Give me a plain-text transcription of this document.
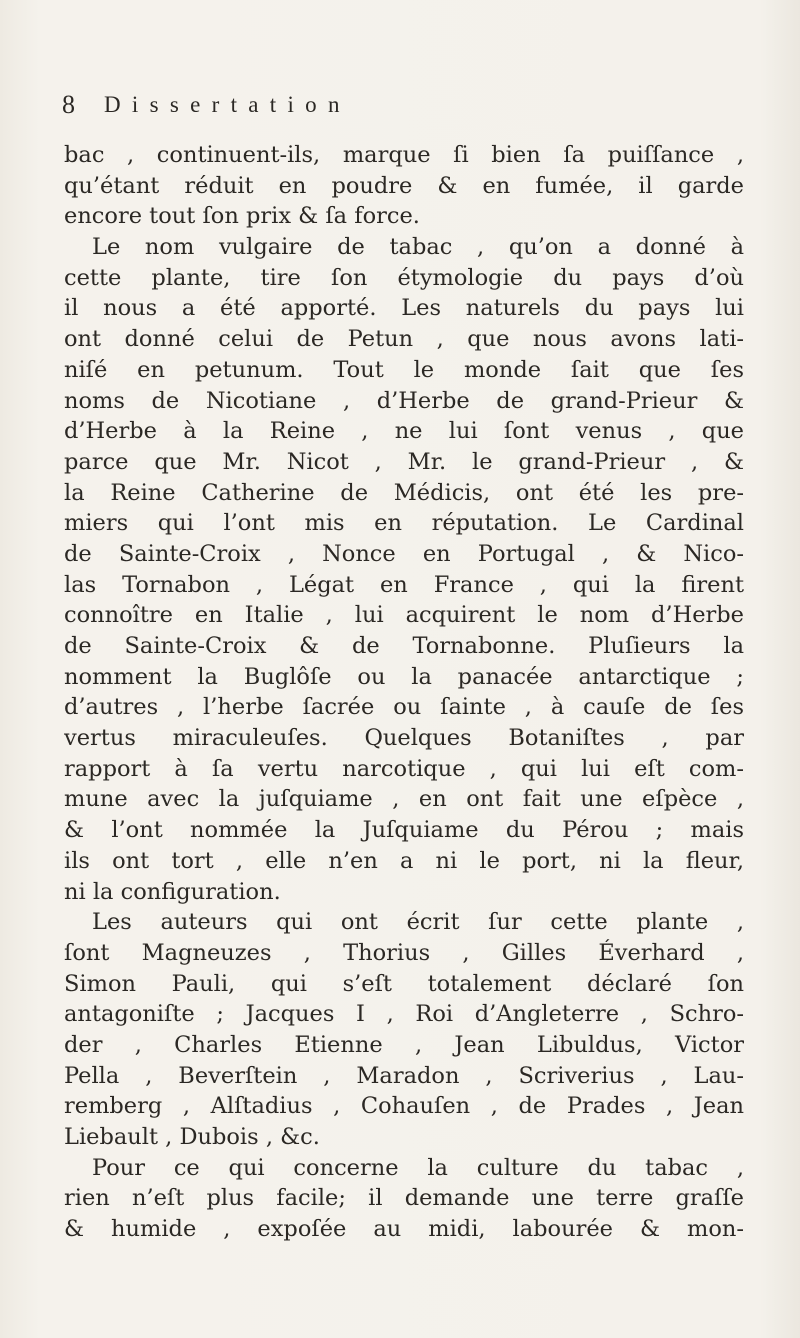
8 Dissertation
bac , continuent-ils, marque ſi bien ſa puiſſance ,
qu’étant réduit en poudre & en fumée, il garde
encore tout ſon prix & ſa force.
Le nom vulgaire de tabac , qu’on a donné à
cette plante, tire ſon étymologie du pays d’où
il nous a été apporté. Les naturels du pays lui
ont donné celui de Petun , que nous avons lati-
niſé en petunum. Tout le monde ſait que ſes
noms de Nicotiane , d’Herbe de grand-Prieur &
d’Herbe à la Reine , ne lui ſont venus , que
parce que Mr. Nicot , Mr. le grand-Prieur , &
la Reine Catherine de Médicis, ont été les pre-
miers qui l’ont mis en réputation. Le Cardinal
de Sainte-Croix , Nonce en Portugal , & Nico-
las Tornabon , Légat en France , qui la firent
connoître en Italie , lui acquirent le nom d’Herbe
de Sainte-Croix & de Tornabonne. Pluſieurs la
nomment la Buglôſe ou la panacée antarctique ;
d’autres , l’herbe ſacrée ou ſainte , à cauſe de ſes
vertus miraculeuſes. Quelques Botaniſtes , par
rapport à ſa vertu narcotique , qui lui eſt com-
mune avec la juſquiame , en ont fait une eſpèce ,
& l’ont nommée la Juſquiame du Pérou ; mais
ils ont tort , elle n’en a ni le port, ni la fleur,
ni la configuration.
Les auteurs qui ont écrit ſur cette plante ,
ſont Magneuzes , Thorius , Gilles Éverhard ,
Simon Pauli, qui s’eſt totalement déclaré ſon
antagoniſte ; Jacques I , Roi d’Angleterre , Schro-
der , Charles Etienne , Jean Libuldus, Victor
Pella , Beverſtein , Maradon , Scriverius , Lau-
remberg , Alſtadius , Cohauſen , de Prades , Jean
Liebault , Dubois , &c.
Pour ce qui concerne la culture du tabac ,
rien n’eſt plus facile; il demande une terre graſſe
& humide , expoſée au midi, labourée & mon-
